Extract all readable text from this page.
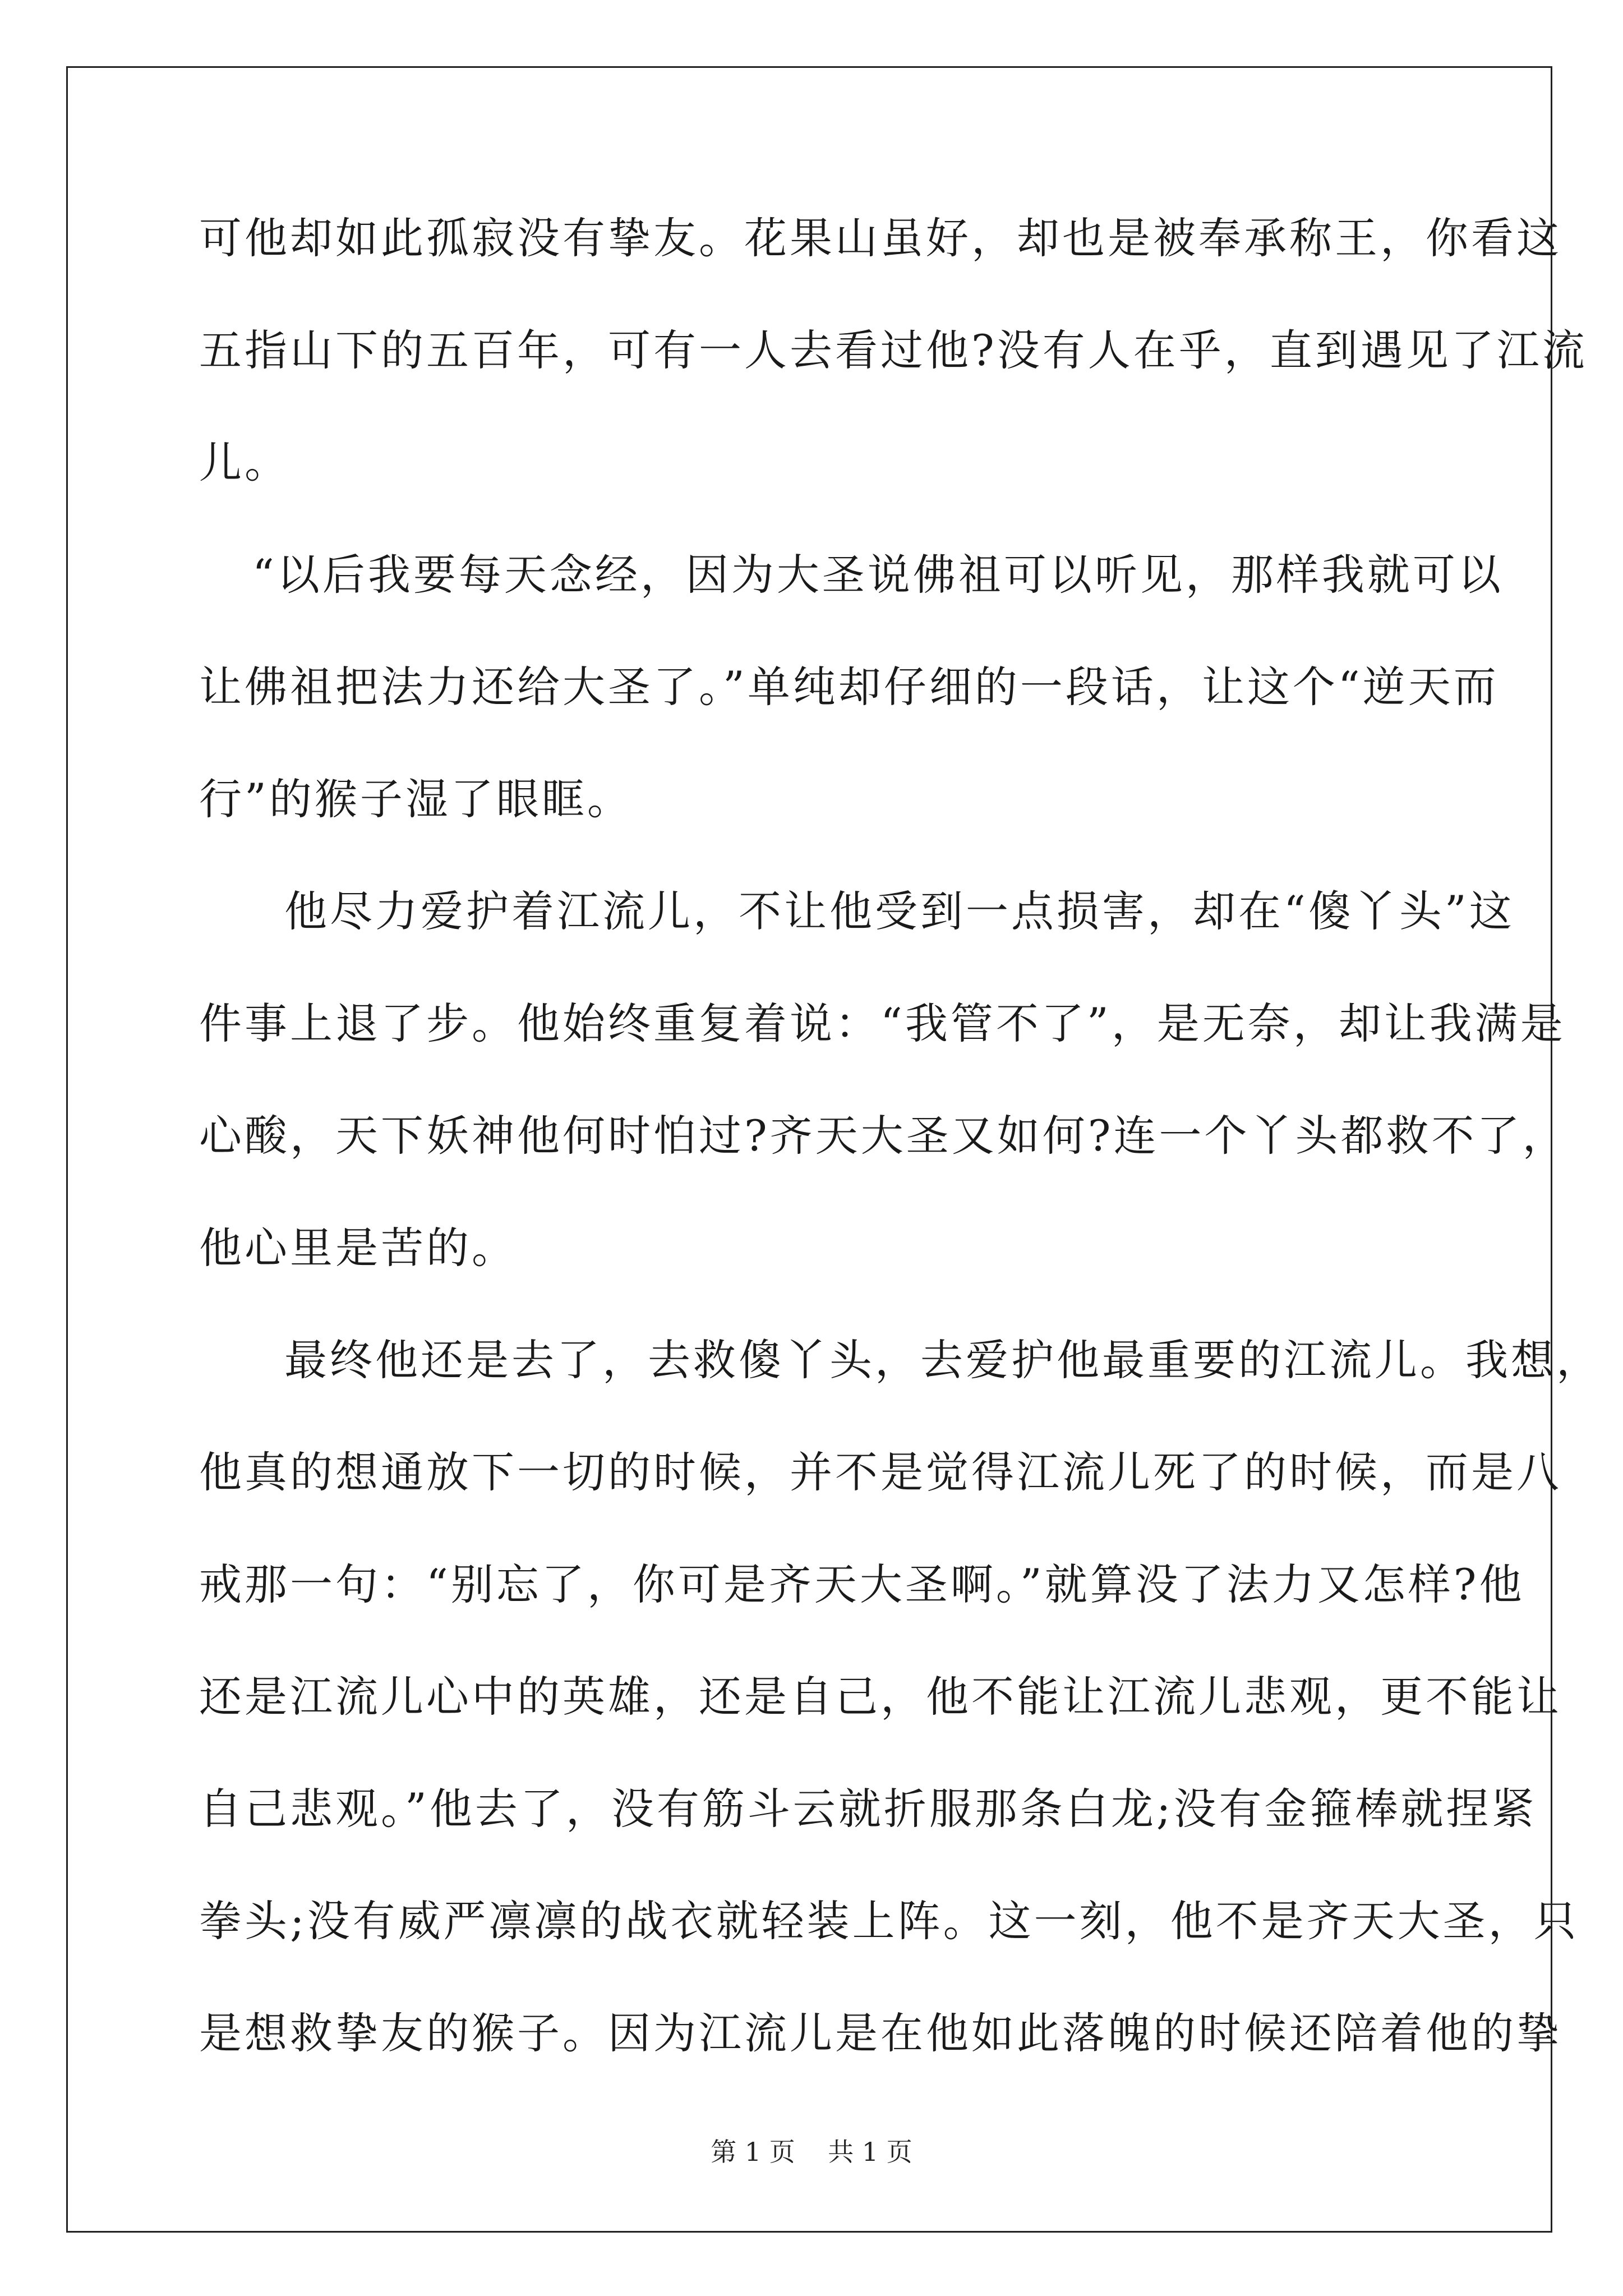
可他却如此孤寂没有挚友。花果山虽好，却也是被奉承称王，你看这
五指山下的五百年，可有一人去看过他?没有人在乎，直到遇见了江流
儿。
“以后我要每天念经，因为大圣说佛祖可以听见，那样我就可以
让佛祖把法力还给大圣了。”单纯却仔细的一段话，让这个“逆天而
行”的猴子湿了眼眶。
他尽力爱护着江流儿，不让他受到一点损害，却在“傻丫头”这
件事上退了步。他始终重复着说：“我管不了”，是无奈，却让我满是
心酸，天下妖神他何时怕过?齐天大圣又如何?连一个丫头都救不了，
他心里是苦的。
最终他还是去了，去救傻丫头，去爱护他最重要的江流儿。我想，
他真的想通放下一切的时候，并不是觉得江流儿死了的时候，而是八
戒那一句：“别忘了，你可是齐天大圣啊。”就算没了法力又怎样?他
还是江流儿心中的英雄，还是自己，他不能让江流儿悲观，更不能让
自己悲观。”他去了，没有筋斗云就折服那条白龙;没有金箍棒就捏紧
拳头;没有威严凛凛的战衣就轻装上阵。这一刻，他不是齐天大圣，只
是想救挚友的猴子。因为江流儿是在他如此落魄的时候还陪着他的挚
第 1 页    共 1 页
